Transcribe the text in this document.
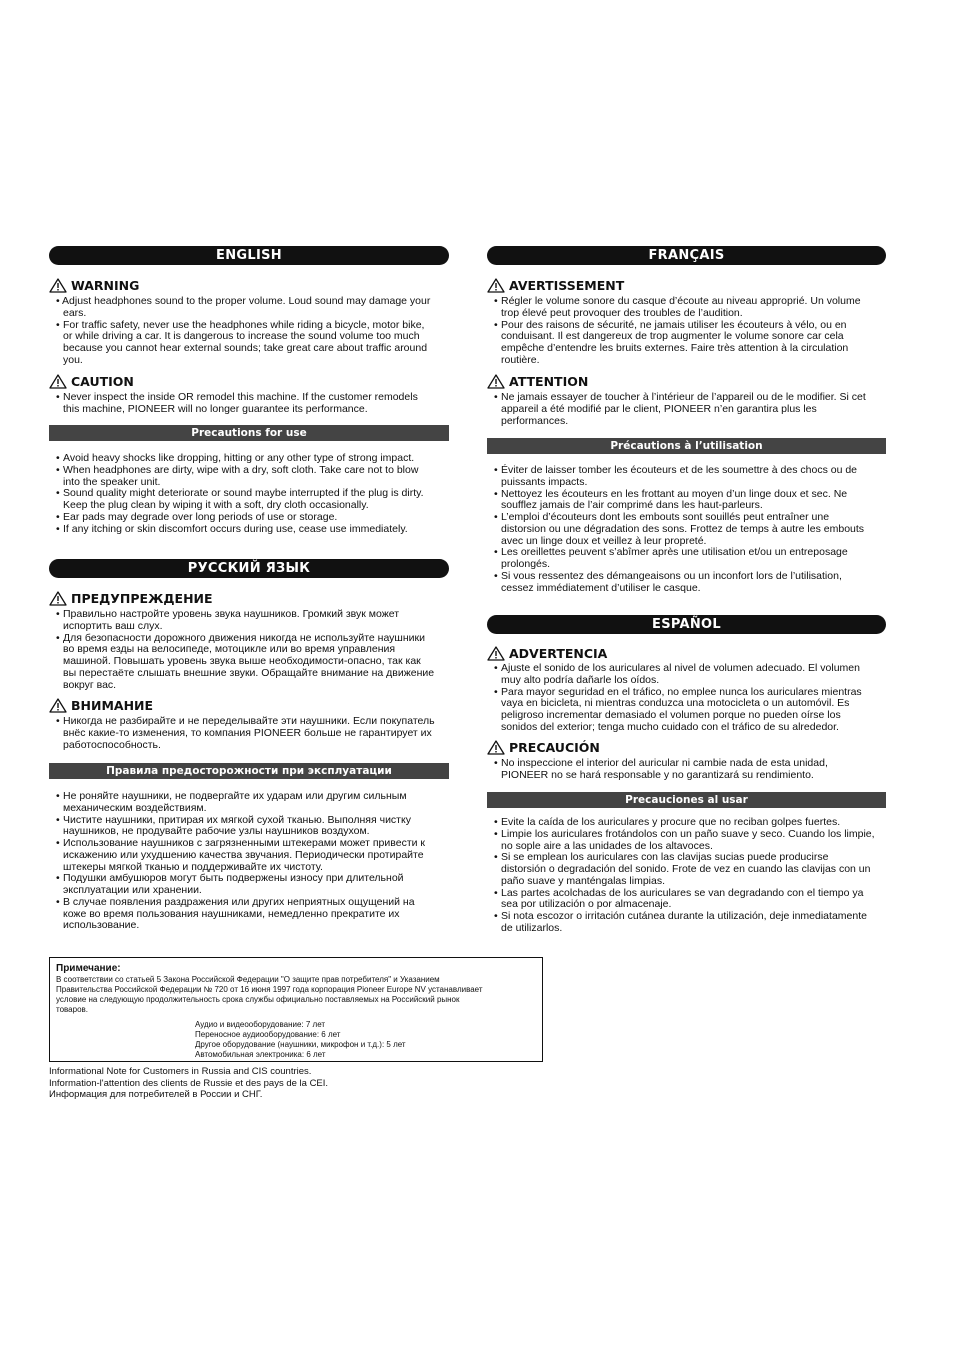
ENGLISH
WARNING
• Adjust headphones sound to the proper volume. Loud sound may damage your
ears.
• For traffic safety, never use the headphones while riding a bicycle, motor bike,
or while driving a car. It is dangerous to increase the sound volume too much
because you cannot hear external sounds; take great care about traffic around
you.
CAUTION
• Never inspect the inside OR remodel this machine. If the customer remodels
this machine, PIONEER will no longer guarantee its performance.
Precautions for use
• Avoid heavy shocks like dropping, hitting or any other type of strong impact.
• When headphones are dirty, wipe with a dry, soft cloth. Take care not to blow
into the speaker unit.
• Sound quality might deteriorate or sound maybe interrupted if the plug is dirty.
Keep the plug clean by wiping it with a soft, dry cloth occasionally.
• Ear pads may degrade over long periods of use or storage.
• If any itching or skin discomfort occurs during use, cease use immediately.
РУССКИЙ ЯЗЫК
ПРЕДУПРЕЖДЕНИЕ
• Правильно настройте уровень звука наушников. Громкий звук может
испортить ваш слух.
• Для безопасности дорожного движения никогда не используйте наушники
во время езды на велосипеде, мотоцикле или во время управления
машиной. Повышать уровень звука выше необходимости-опасно, так как
вы перестаёте слышать внешние звуки. Обращайте внимание на движение
вокруг вас.
ВНИМАНИЕ
• Никогда не разбирайте и не переделывайте эти наушники. Если покупатель
внёс какие-то изменения, то компания PIONEER больше не гарантирует их
работоспособность.
Правила предосторожности при эксплуатации
• Не роняйте наушники, не подвергайте их ударам или другим сильным
механическим воздействиям.
• Чистите наушники, притирая их мягкой сухой тканью. Выполняя чистку
наушников, не продувайте рабочие узлы наушников воздухом.
• Использование наушников с загрязненными штекерами может привести к
искажению или ухудшению качества звучания. Периодически протирайте
штекеры мягкой тканью и поддерживайте их чистоту.
• Подушки амбушюров могут быть подвержены износу при длительной
эксплуатации или хранении.
• В случае появления раздражения или других неприятных ощущений на
коже во время пользования наушниками, немедленно прекратите их
использование.
FRANÇAIS
AVERTISSEMENT
• Régler le volume sonore du casque d’écoute au niveau approprié. Un volume
trop élevé peut provoquer des troubles de l’audition.
• Pour des raisons de sécurité, ne jamais utiliser les écouteurs à vélo, ou en
conduisant. Il est dangereux de trop augmenter le volume sonore car cela
empêche d’entendre les bruits externes. Faire très attention à la circulation
routière.
ATTENTION
• Ne jamais essayer de toucher à l’intérieur de l’appareil ou de le modifier. Si cet
appareil a été modifié par le client, PIONEER n’en garantira plus les
performances.
Précautions à l’utilisation
• Éviter de laisser tomber les écouteurs et de les soumettre à des chocs ou de
puissants impacts.
• Nettoyez les écouteurs en les frottant au moyen d’un linge doux et sec. Ne
soufflez jamais de l’air comprimé dans les haut-parleurs.
• L’emploi d’écouteurs dont les embouts sont souillés peut entraîner une
distorsion ou une dégradation des sons. Frottez de temps à autre les embouts
avec un linge doux et veillez à leur propreté.
• Les oreillettes peuvent s’abîmer après une utilisation et/ou un entreposage
prolongés.
• Si vous ressentez des démangeaisons ou un inconfort lors de l’utilisation,
cessez immédiatement d’utiliser le casque.
ESPAÑOL
ADVERTENCIA
• Ajuste el sonido de los auriculares al nivel de volumen adecuado. El volumen
muy alto podría dañarle los oídos.
• Para mayor seguridad en el tráfico, no emplee nunca los auriculares mientras
vaya en bicicleta, ni mientras conduzca una motocicleta o un automóvil. Es
peligroso incrementar demasiado el volumen porque no pueden oírse los
sonidos del exterior; tenga mucho cuidado con el tráfico de su alrededor.
PRECAUCIÓN
• No inspeccione el interior del auricular ni cambie nada de esta unidad,
PIONEER no se hará responsable y no garantizará su rendimiento.
Precauciones al usar
• Evite la caída de los auriculares y procure que no reciban golpes fuertes.
• Limpie los auriculares frotándolos con un paño suave y seco. Cuando los limpie,
no sople aire a las unidades de los altavoces.
• Si se emplean los auriculares con las clavijas sucias puede producirse
distorsión o degradación del sonido. Frote de vez en cuando las clavijas con un
paño suave y manténgalas limpias.
• Las partes acolchadas de los auriculares se van degradando con el tiempo ya
sea por utilización o por almacenaje.
• Si nota escozor o irritación cutánea durante la utilización, deje inmediatamente
de utilizarlos.
Примечание:
В соответствии со статьей 5 Закона Российской Федерации "О защите прав потребителя" и Указанием
Правительства Российской Федерации № 720 от 16 июня 1997 года корпорация Pioneer Europe NV устанавливает
условие на следующую продолжительность срока службы официально поставляемых на Российский рынок
товаров.
Аудио и видеооборудование: 7 лет
Переносное аудиооборудование: 6 лет
Другое оборудование (наушники, микрофон и т.д.): 5 лет
Автомобильная электроника: 6 лет
Informational Note for Customers in Russia and CIS countries.
Information-l'attention des clients de Russie et des pays de la CEI.
Информация для потребителей в России и СНГ.
